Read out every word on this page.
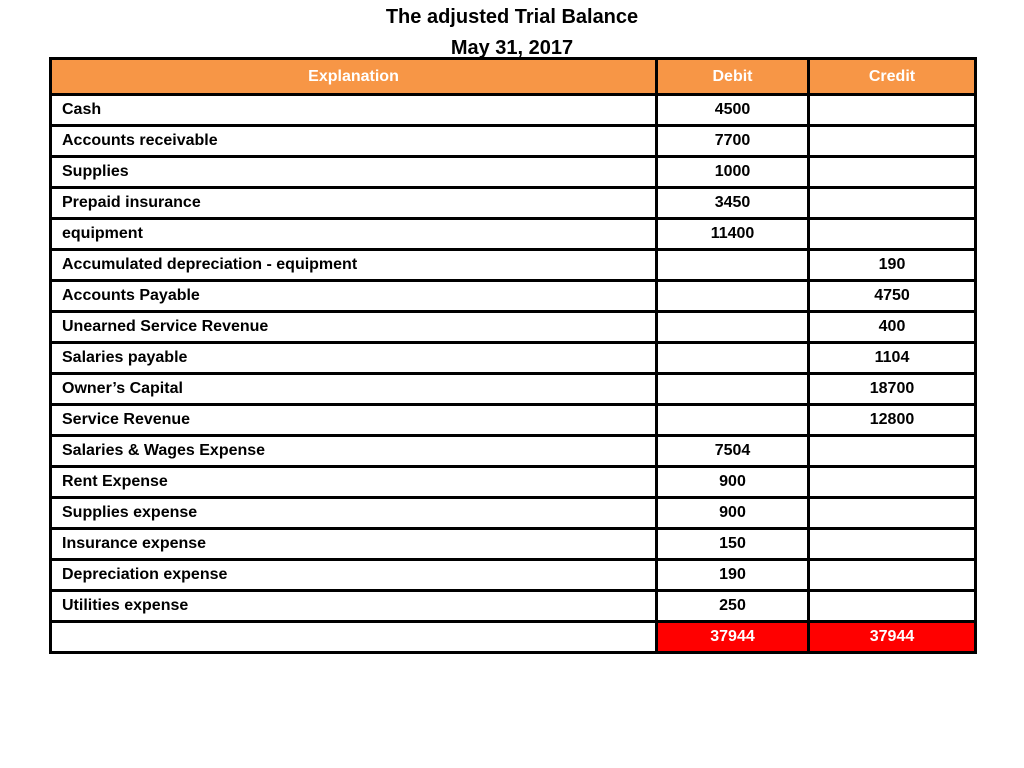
The adjusted Trial Balance
May 31, 2017
Explanation	Debit	Credit
Cash	4500	
Accounts receivable	7700	
Supplies	1000	
Prepaid insurance	3450	
equipment	11400	
Accumulated depreciation - equipment		190
Accounts Payable		4750
Unearned Service Revenue		400
Salaries payable		1104
Owner’s Capital		18700
Service Revenue		12800
Salaries & Wages Expense	7504	
Rent Expense	900	
Supplies expense	900	
Insurance expense	150	
Depreciation expense	190	
Utilities expense	250	
	37944	37944
